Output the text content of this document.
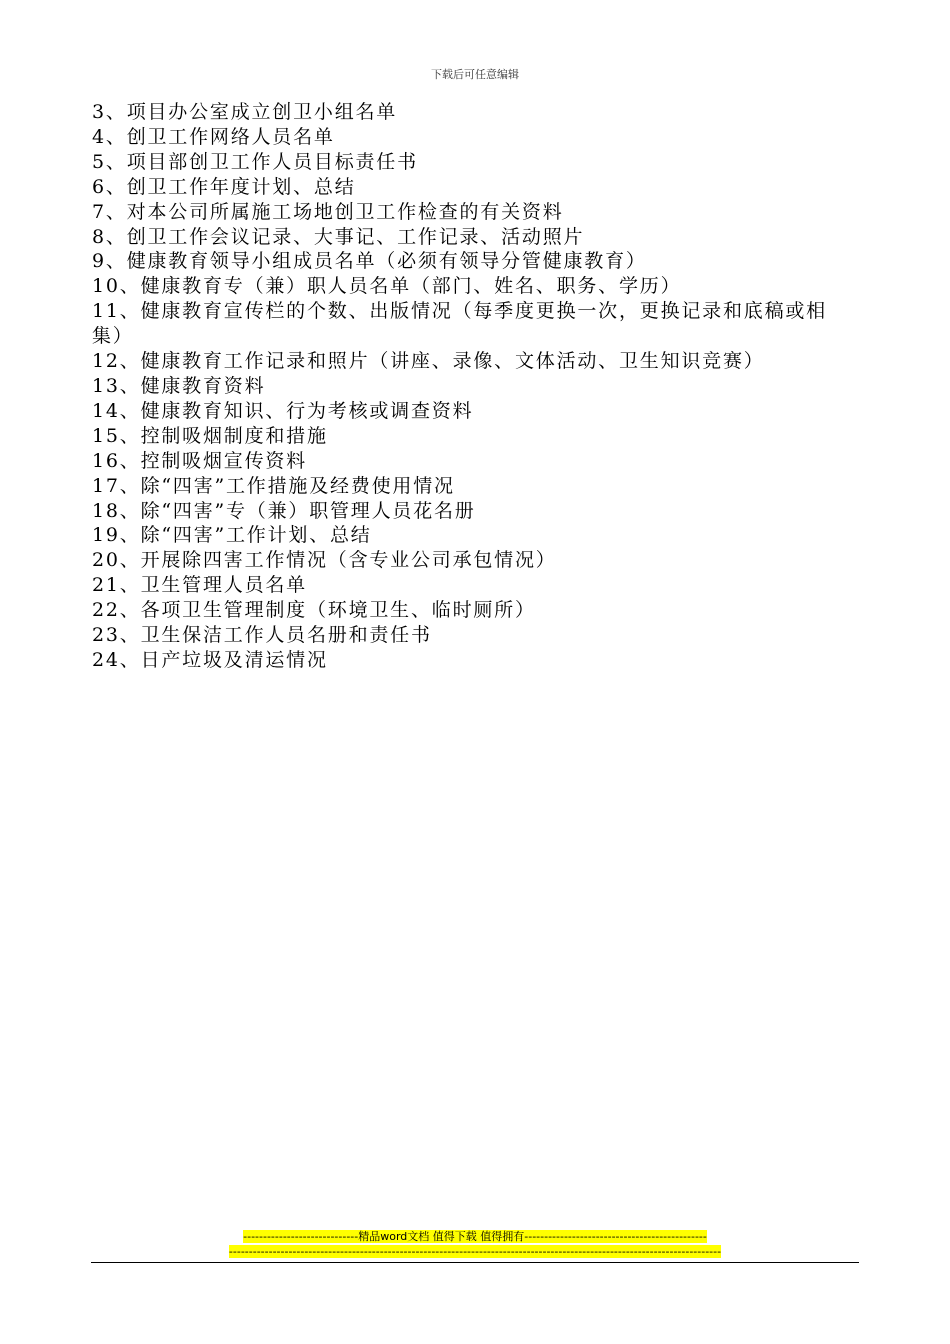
下载后可任意编辑
3、项目办公室成立创卫小组名单
4、创卫工作网络人员名单
5、项目部创卫工作人员目标责任书
6、创卫工作年度计划、总结
7、对本公司所属施工场地创卫工作检查的有关资料
8、创卫工作会议记录、大事记、工作记录、活动照片
9、健康教育领导小组成员名单（必须有领导分管健康教育）
10、健康教育专（兼）职人员名单（部门、姓名、职务、学历）
11、健康教育宣传栏的个数、出版情况（每季度更换一次，更换记录和底稿或相集）
12、健康教育工作记录和照片（讲座、录像、文体活动、卫生知识竞赛）
13、健康教育资料
14、健康教育知识、行为考核或调查资料
15、控制吸烟制度和措施
16、控制吸烟宣传资料
17、除“四害”工作措施及经费使用情况
18、除“四害”专（兼）职管理人员花名册
19、除“四害”工作计划、总结
20、开展除四害工作情况（含专业公司承包情况）
21、卫生管理人员名单
22、各项卫生管理制度（环境卫生、临时厕所）
23、卫生保洁工作人员名册和责任书
24、日产垃圾及清运情况
-----------------------------精品word文档 值得下载 值得拥有----------------------------------------------
----------------------------------------------------------------------------------------------------------------------------
